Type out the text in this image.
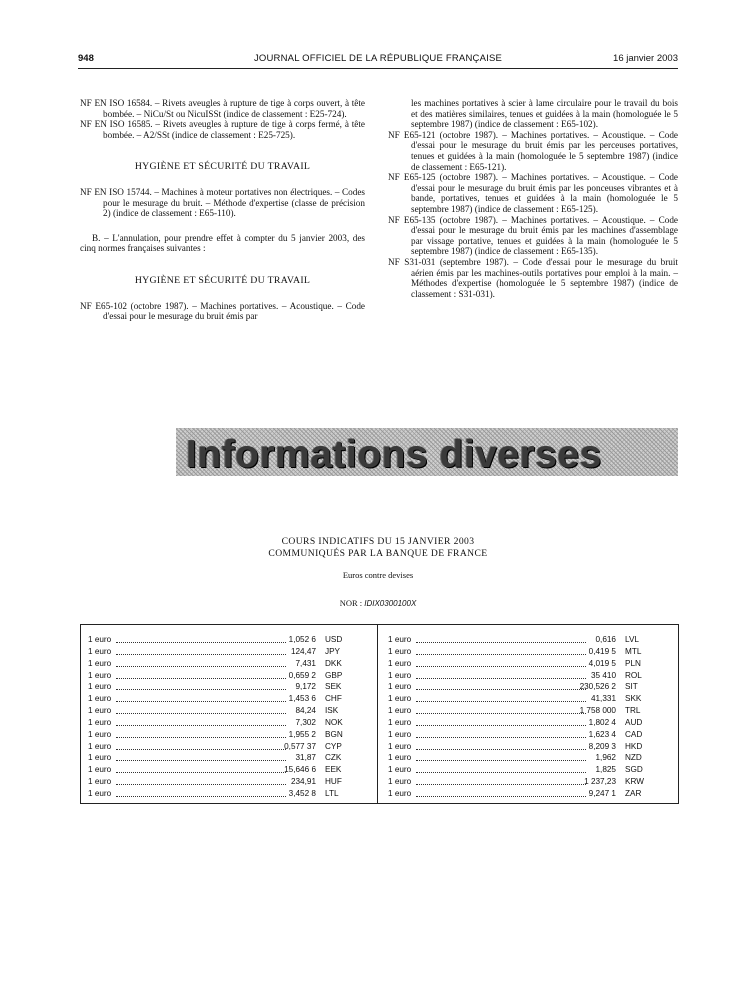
948	JOURNAL OFFICIEL DE LA RÉPUBLIQUE FRANÇAISE	16 janvier 2003

NF EN ISO 16584. – Rivets aveugles à rupture de tige à corps ouvert, à tête bombée. – NiCu/St ou NicuISSt (indice de classement : E25-724).

NF EN ISO 16585. – Rivets aveugles à rupture de tige à corps fermé, à tête bombée. – A2/SSt (indice de classement : E25-725).

HYGIÈNE ET SÉCURITÉ DU TRAVAIL

NF EN ISO 15744. – Machines à moteur portatives non électriques. – Codes pour le mesurage du bruit. – Méthode d'expertise (classe de précision 2) (indice de classement : E65-110).

B. – L'annulation, pour prendre effet à compter du 5 janvier 2003, des cinq normes françaises suivantes :

HYGIÈNE ET SÉCURITÉ DU TRAVAIL

NF E65-102 (octobre 1987). – Machines portatives. – Acoustique. – Code d'essai pour le mesurage du bruit émis par

les machines portatives à scier à lame circulaire pour le travail du bois et des matières similaires, tenues et guidées à la main (homologuée le 5 septembre 1987) (indice de classement : E65-102).

NF E65-121 (octobre 1987). – Machines portatives. – Acoustique. – Code d'essai pour le mesurage du bruit émis par les perceuses portatives, tenues et guidées à la main (homologuée le 5 septembre 1987) (indice de classement : E65-121).

NF E65-125 (octobre 1987). – Machines portatives. – Acoustique. – Code d'essai pour le mesurage du bruit émis par les ponceuses vibrantes et à bande, portatives, tenues et guidées à la main (homologuée le 5 septembre 1987) (indice de classement : E65-125).

NF E65-135 (octobre 1987). – Machines portatives. – Acoustique. – Code d'essai pour le mesurage du bruit émis par les machines d'assemblage par vissage portative, tenues et guidées à la main (homologuée le 5 septembre 1987) (indice de classement : E65-135).

NF S31-031 (septembre 1987). – Code d'essai pour le mesurage du bruit aérien émis par les machines-outils portatives pour emploi à la main. – Méthodes d'expertise (homologuée le 5 septembre 1987) (indice de classement : S31-031).

Informations diverses
COURS INDICATIFS DU 15 JANVIER 2003
COMMUNIQUÉS PAR LA BANQUE DE FRANCE
Euros contre devises
NOR : IDIX0300100X
1 euro	1,052 6 USD
1 euro	124,47 JPY
1 euro	7,431 DKK
1 euro	0,659 2 GBP
1 euro	9,172 SEK
1 euro	1,453 6 CHF
1 euro	84,24 ISK
1 euro	7,302 NOK
1 euro	1,955 2 BGN
1 euro	0,577 37 CYP
1 euro	31,87 CZK
1 euro	15,646 6 EEK
1 euro	234,91 HUF
1 euro	3,452 8 LTL
1 euro	0,616 LVL
1 euro	0,419 5 MTL
1 euro	4,019 5 PLN
1 euro	35 410 ROL
1 euro	230,526 2 SIT
1 euro	41,331 SKK
1 euro	1 758 000 TRL
1 euro	1,802 4 AUD
1 euro	1,623 4 CAD
1 euro	8,209 3 HKD
1 euro	1,962 NZD
1 euro	1,825 SGD
1 euro	1 237,23 KRW
1 euro	9,247 1 ZAR
